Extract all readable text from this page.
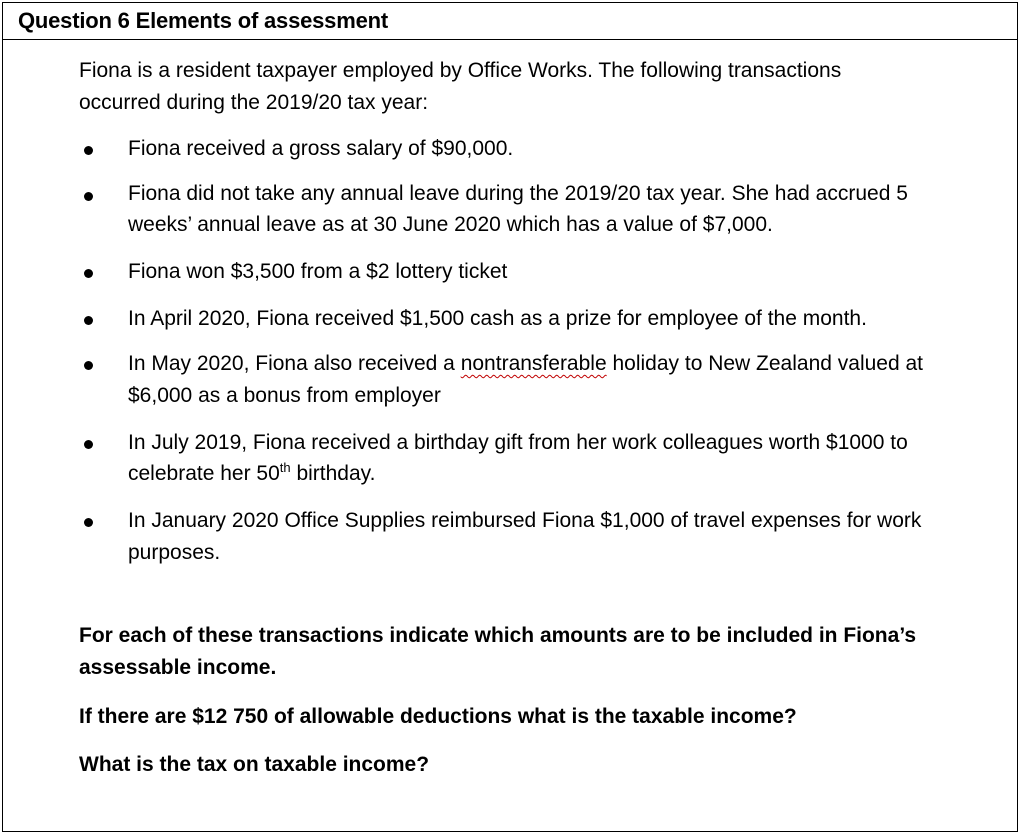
Question 6 Elements of assessment
Fiona is a resident taxpayer employed by Office Works. The following transactions
occurred during the 2019/20 tax year:
Fiona received a gross salary of $90,000.
Fiona did not take any annual leave during the 2019/20 tax year. She had accrued 5
weeks’ annual leave as at 30 June 2020 which has a value of $7,000.
Fiona won $3,500 from a $2 lottery ticket
In April 2020, Fiona received $1,500 cash as a prize for employee of the month.
In May 2020, Fiona also received a nontransferable holiday to New Zealand valued at
$6,000 as a bonus from employer
In July 2019, Fiona received a birthday gift from her work colleagues worth $1000 to
celebrate her 50th birthday.
In January 2020 Office Supplies reimbursed Fiona $1,000 of travel expenses for work
purposes.
For each of these transactions indicate which amounts are to be included in Fiona’s
assessable income.
If there are $12 750 of allowable deductions what is the taxable income?
What is the tax on taxable income?
